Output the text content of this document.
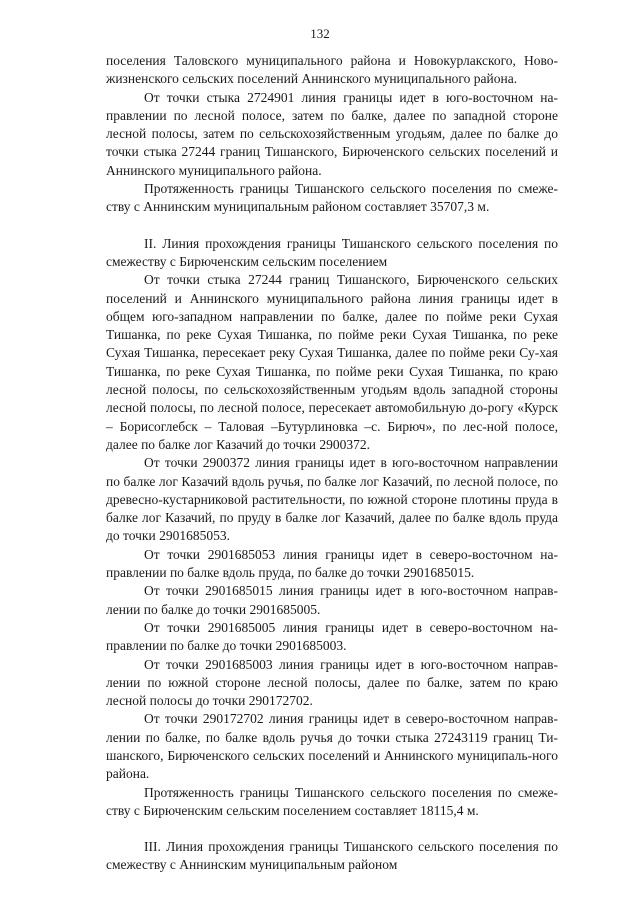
132

поселения Таловского муниципального района и Новокурлакского, Ново-жизненского сельских поселений Аннинского муниципального района.

От точки стыка 2724901 линия границы идет в юго-восточном на-правлении по лесной полосе, затем по балке, далее по западной стороне лесной полосы, затем по сельскохозяйственным угодьям, далее по балке до точки стыка 27244 границ Тишанского, Бирюченского сельских поселений и Аннинского муниципального района.

Протяженность границы Тишанского сельского поселения по смеже-ству с Аннинским муниципальным районом составляет 35707,3 м.

II. Линия прохождения границы Тишанского сельского поселения по смежеству с Бирюченским сельским поселением

От точки стыка 27244 границ Тишанского, Бирюченского сельских поселений и Аннинского муниципального района линия границы идет в общем юго-западном направлении по балке, далее по пойме реки Сухая Тишанка, по реке Сухая Тишанка, по пойме реки Сухая Тишанка, по реке Сухая Тишанка, пересекает реку Сухая Тишанка, далее по пойме реки Су-хая Тишанка, по реке Сухая Тишанка, по пойме реки Сухая Тишанка, по краю лесной полосы, по сельскохозяйственным угодьям вдоль западной стороны лесной полосы, по лесной полосе, пересекает автомобильную до-рогу «Курск – Борисоглебск – Таловая –Бутурлиновка –с. Бирюч», по лес-ной полосе, далее по балке лог Казачий до точки 2900372.

От точки 2900372 линия границы идет в юго-восточном направлении по балке лог Казачий вдоль ручья, по балке лог Казачий, по лесной полосе, по древесно-кустарниковой растительности, по южной стороне плотины пруда в балке лог Казачий, по пруду в балке лог Казачий, далее по балке вдоль пруда до точки 2901685053.

От точки 2901685053 линия границы идет в северо-восточном на-правлении по балке вдоль пруда, по балке до точки 2901685015.

От точки 2901685015 линия границы идет в юго-восточном направ-лении по балке до точки 2901685005.

От точки 2901685005 линия границы идет в северо-восточном на-правлении по балке до точки 2901685003.

От точки 2901685003 линия границы идет в юго-восточном направ-лении по южной стороне лесной полосы, далее по балке, затем по краю лесной полосы до точки 290172702.

От точки 290172702 линия границы идет в северо-восточном направ-лении по балке, по балке вдоль ручья до точки стыка 27243119 границ Ти-шанского, Бирюченского сельских поселений и Аннинского муниципаль-ного района.

Протяженность границы Тишанского сельского поселения по смеже-ству с Бирюченским сельским поселением составляет 18115,4 м.

III. Линия прохождения границы Тишанского сельского поселения по смежеству с Аннинским муниципальным районом
